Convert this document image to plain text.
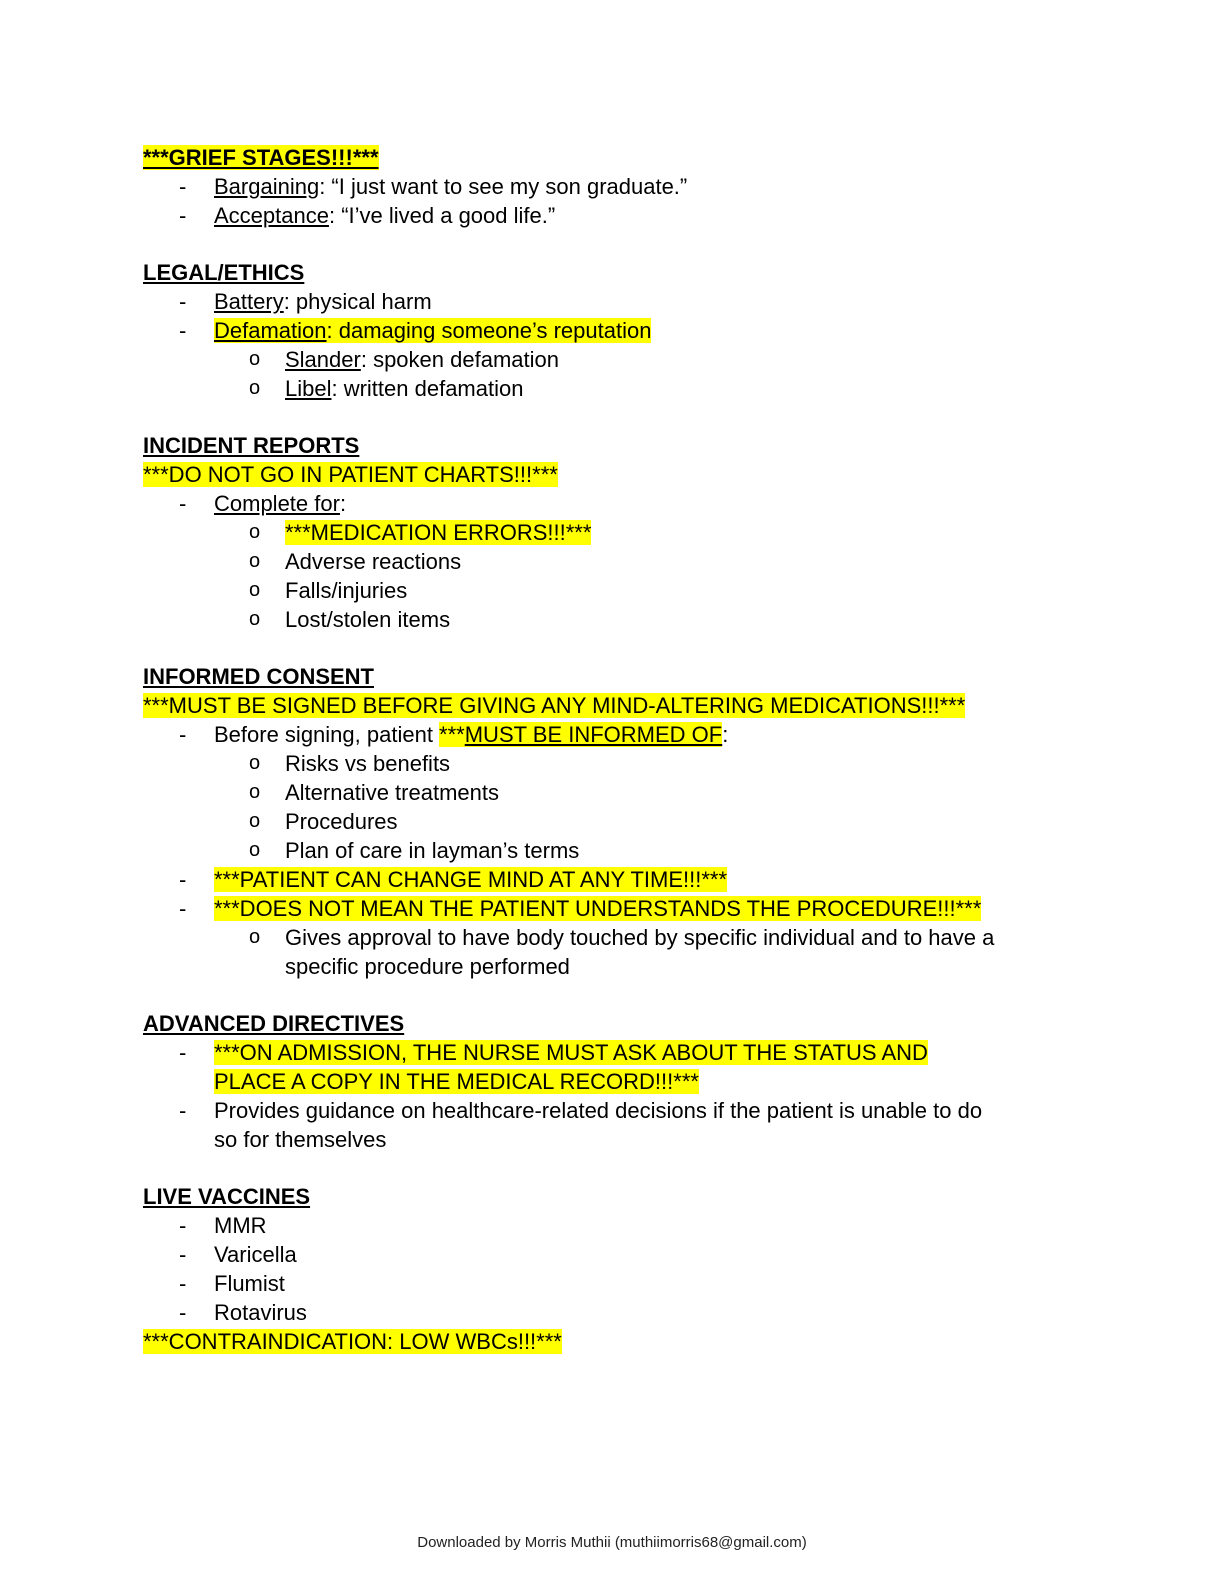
***GRIEF STAGES!!!***
- Bargaining: “I just want to see my son graduate.”
- Acceptance: “I’ve lived a good life.”
LEGAL/ETHICS
- Battery: physical harm
- Defamation: damaging someone’s reputation
o Slander: spoken defamation
o Libel: written defamation
INCIDENT REPORTS
***DO NOT GO IN PATIENT CHARTS!!!***
- Complete for:
o ***MEDICATION ERRORS!!!***
o Adverse reactions
o Falls/injuries
o Lost/stolen items
INFORMED CONSENT
***MUST BE SIGNED BEFORE GIVING ANY MIND-ALTERING MEDICATIONS!!!***
- Before signing, patient ***MUST BE INFORMED OF:
o Risks vs benefits
o Alternative treatments
o Procedures
o Plan of care in layman’s terms
- ***PATIENT CAN CHANGE MIND AT ANY TIME!!!***
- ***DOES NOT MEAN THE PATIENT UNDERSTANDS THE PROCEDURE!!!***
o Gives approval to have body touched by specific individual and to have a
specific procedure performed
ADVANCED DIRECTIVES
- ***ON ADMISSION, THE NURSE MUST ASK ABOUT THE STATUS AND
PLACE A COPY IN THE MEDICAL RECORD!!!***
- Provides guidance on healthcare-related decisions if the patient is unable to do
so for themselves
LIVE VACCINES
- MMR
- Varicella
- Flumist
- Rotavirus
***CONTRAINDICATION: LOW WBCs!!!***
Downloaded by Morris Muthii (muthiimorris68@gmail.com)
